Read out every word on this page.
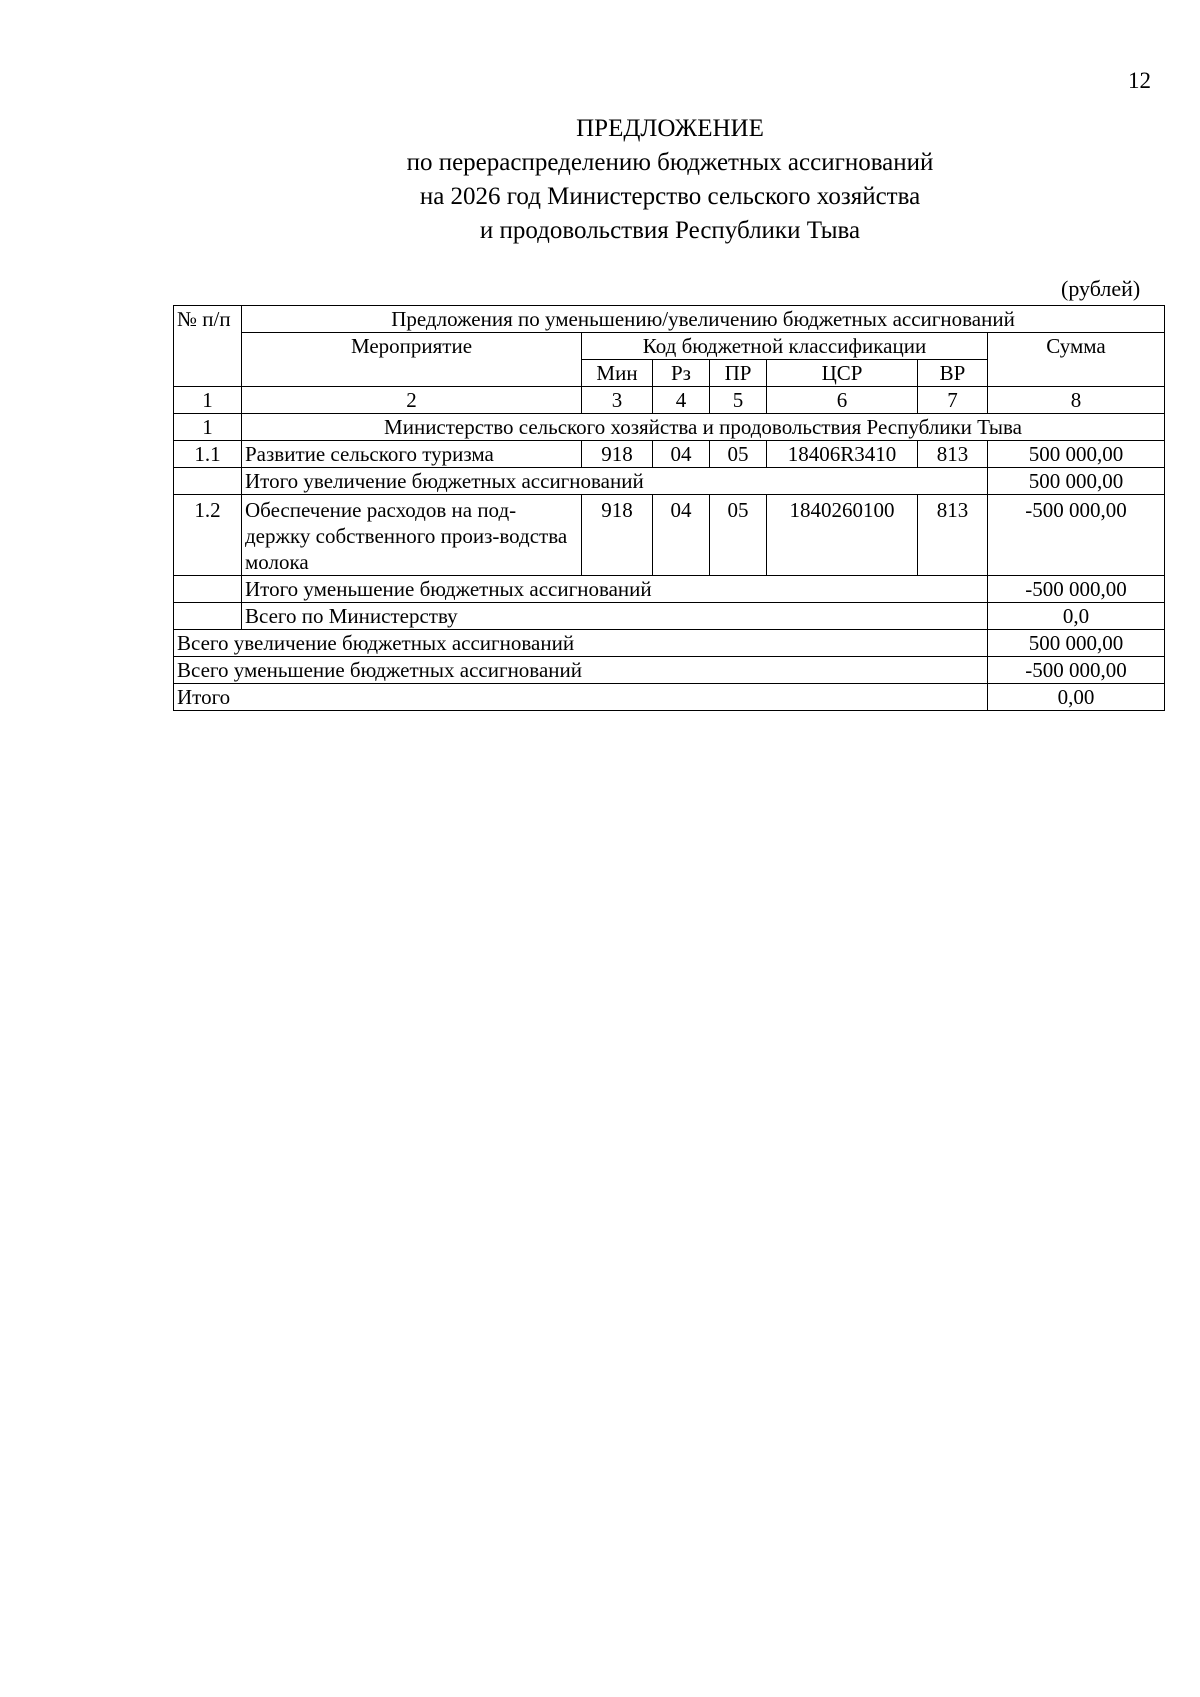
12
ПРЕДЛОЖЕНИЕ
по перераспределению бюджетных ассигнований
на 2026 год Министерство сельского хозяйства
и продовольствия Республики Тыва
(рублей)
№ п/п	Предложения по уменьшению/увеличению бюджетных ассигнований						
	Мероприятие	Код бюджетной классификации					Сумма
		Мин	Рз	ПР	ЦСР	ВР	
1	2	3	4	5	6	7	8
1	Министерство сельского хозяйства и продовольствия Республики Тыва						
1.1	Развитие сельского туризма	918	04	05	18406R3410	813	500 000,00
	Итого увеличение бюджетных ассигнований						500 000,00
1.2	Обеспечение расходов на под-держку собственного произ-водства молока	918	04	05	1840260100	813	-500 000,00
	Итого уменьшение бюджетных ассигнований						-500 000,00
	Всего по Министерству						0,0
Всего увеличение бюджетных ассигнований							500 000,00
Всего уменьшение бюджетных ассигнований							-500 000,00
Итого							0,00
